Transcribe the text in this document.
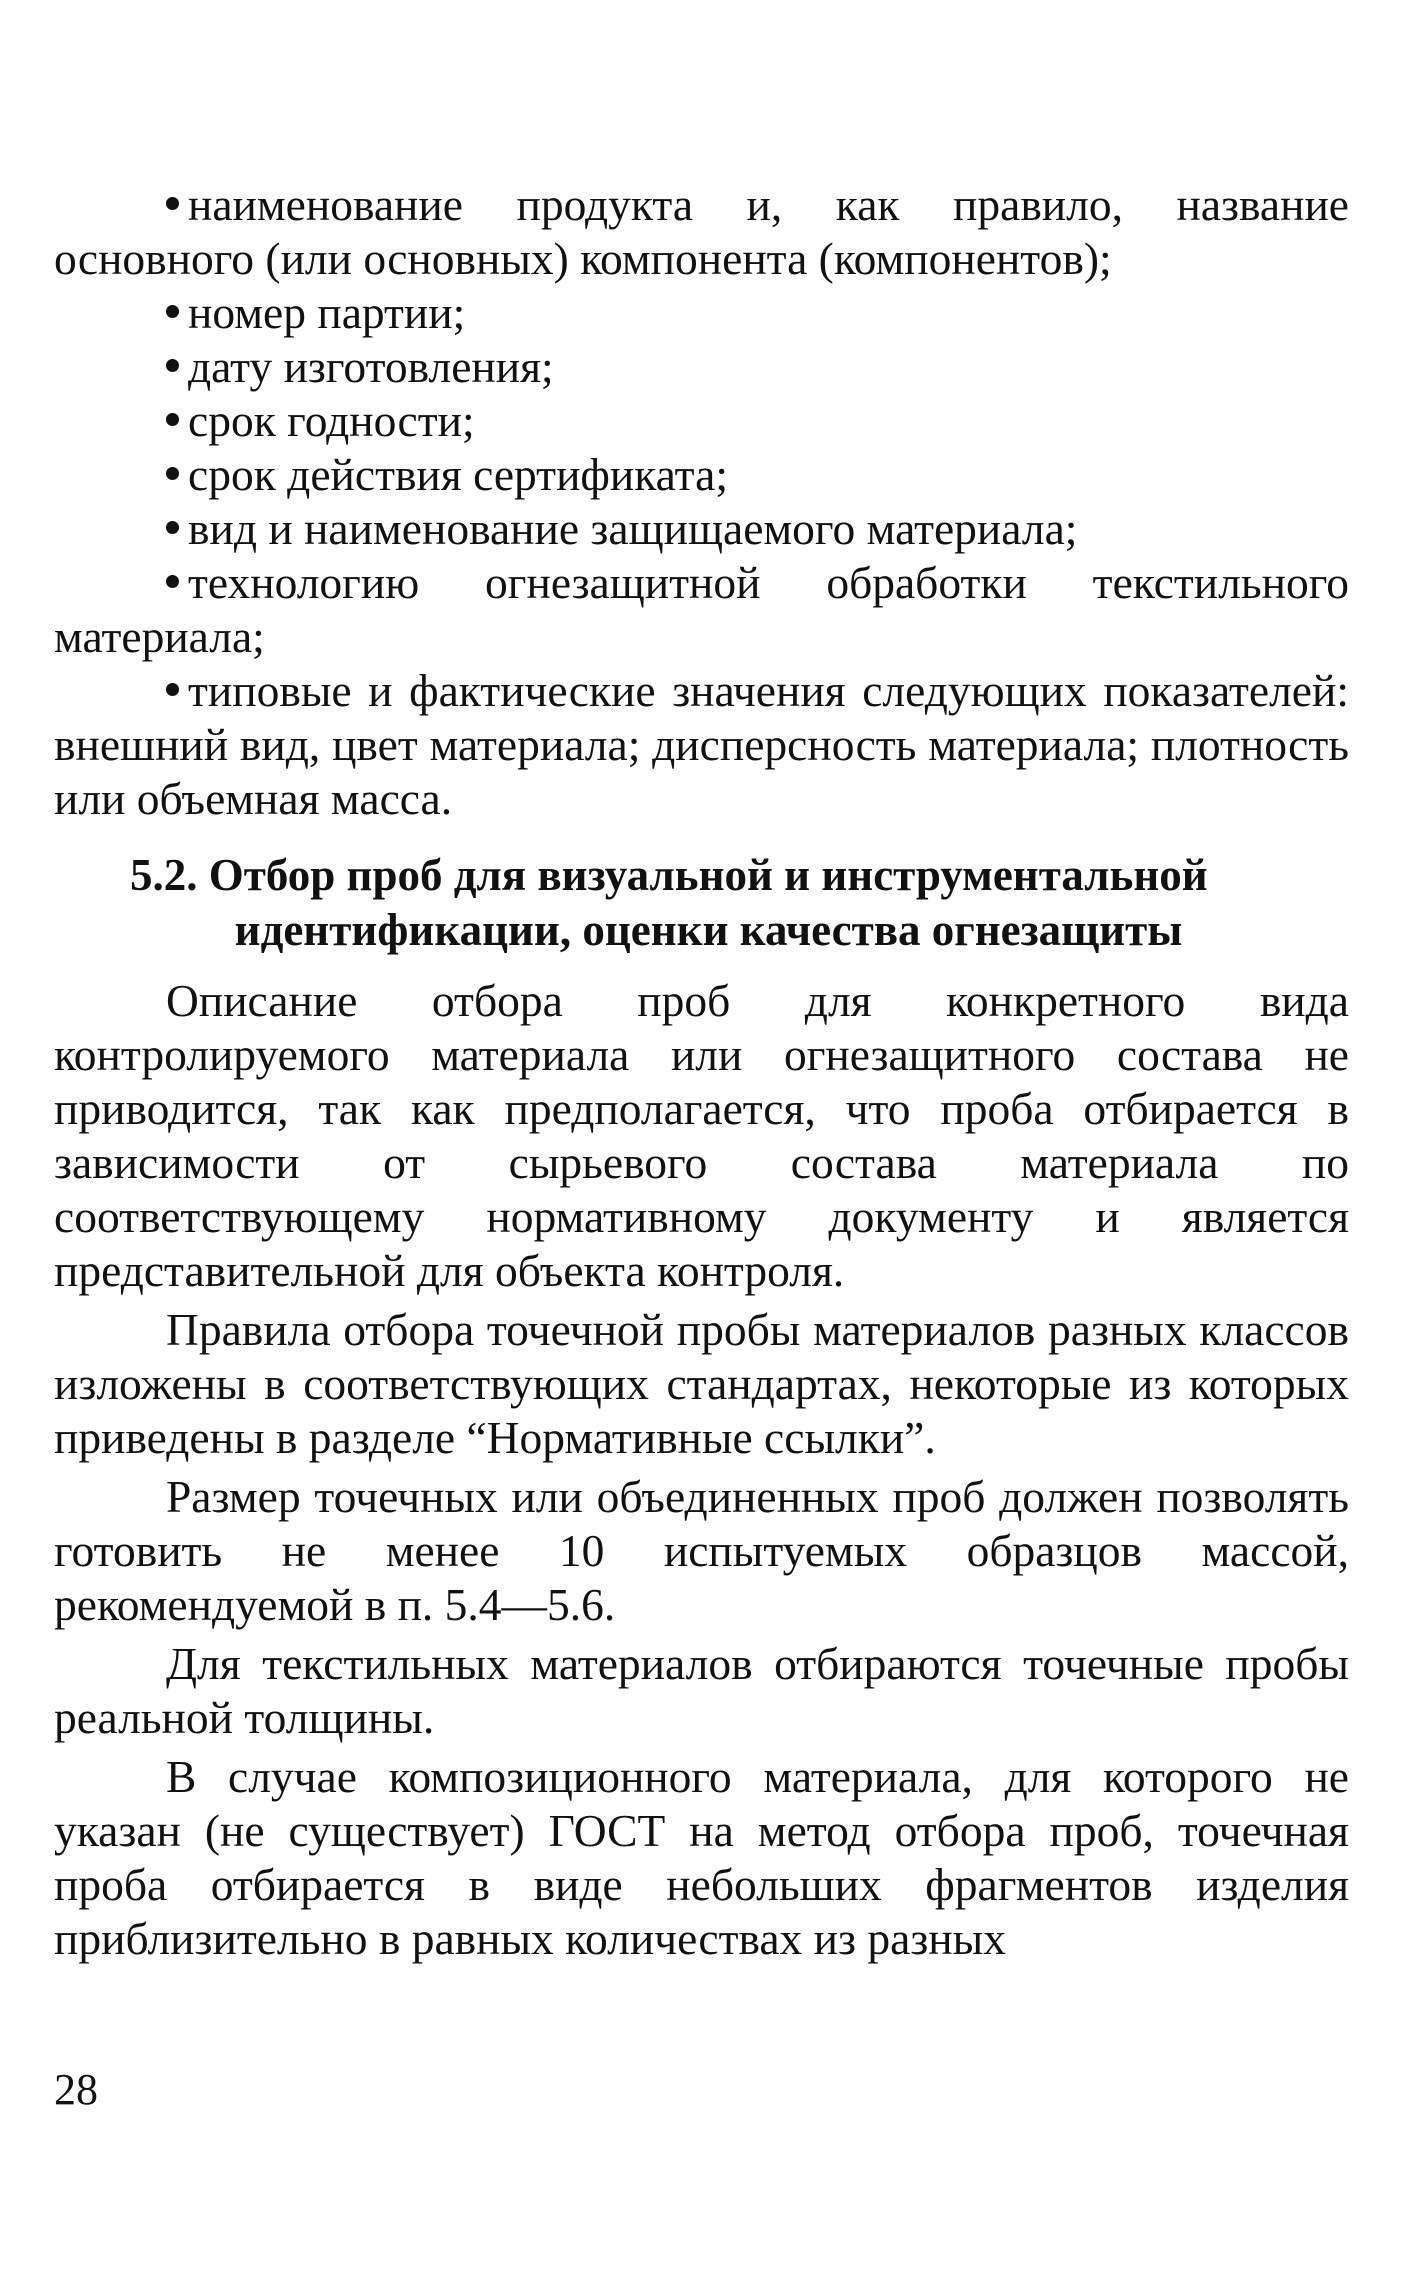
наименование продукта и, как правило, название основного (или основных) компонента (компонентов);

номер партии;

дату изготовления;

срок годности;

срок действия сертификата;

вид и наименование защищаемого материала;

технологию огнезащитной обработки текстильного материала;

типовые и фактические значения следующих показателей: внешний вид, цвет материала; дисперсность материала; плотность или объемная масса.

5.2. Отбор проб для визуальной и инструментальной
идентификации, оценки качества огнезащиты

Описание отбора проб для конкретного вида контролируемого материала или огнезащитного состава не приводится, так как предполагается, что проба отбирается в зависимости от сырьевого состава материала по соответствующему нормативному документу и является представительной для объекта контроля.

Правила отбора точечной пробы материалов разных классов изложены в соответствующих стандартах, некоторые из которых приведены в разделе “Нормативные ссылки”.

Размер точечных или объединенных проб должен позволять готовить не менее 10 испытуемых образцов массой, рекомендуемой в п. 5.4—5.6.

Для текстильных материалов отбираются точечные пробы реальной толщины.

В случае композиционного материала, для которого не указан (не существует) ГОСТ на метод отбора проб, точечная проба отбирается в виде небольших фрагментов изделия приблизительно в равных количествах из разных

28
